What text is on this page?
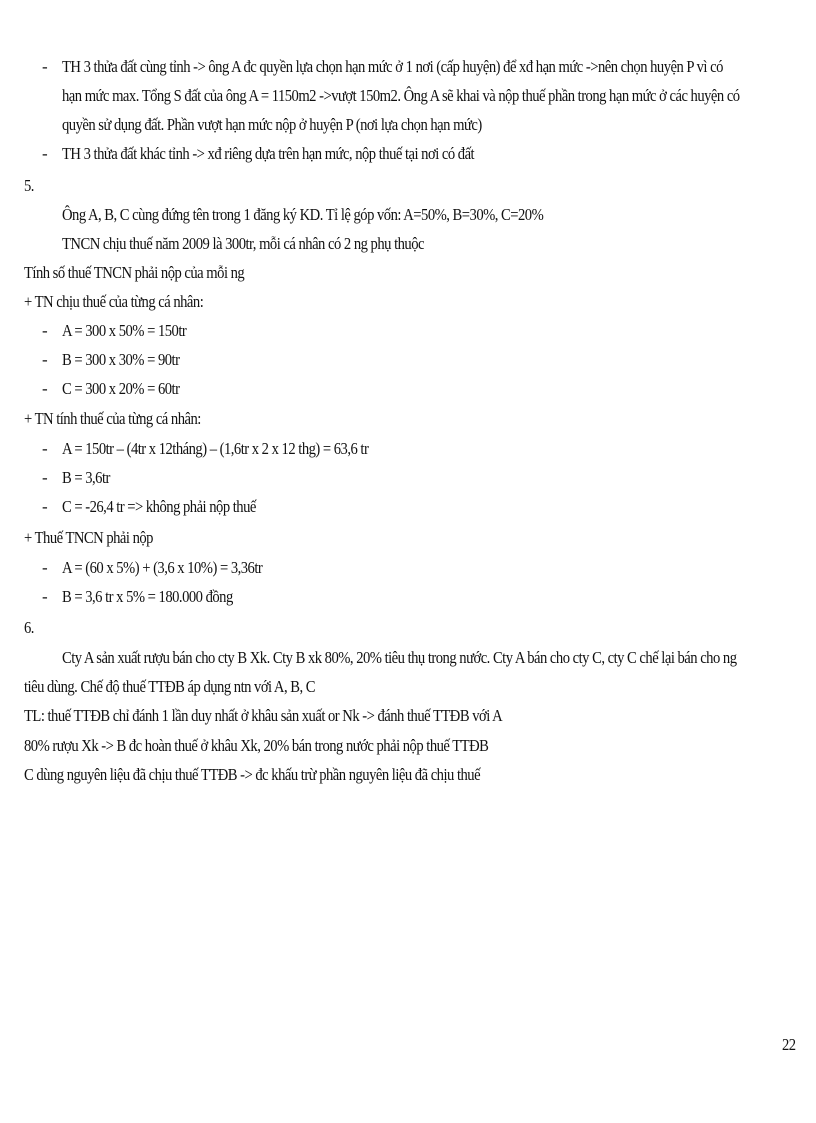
- TH 3 thửa đất cùng tỉnh -> ông A đc quyền lựa chọn hạn mức ở 1 nơi (cấp huyện) để xđ hạn mức ->nên chọn huyện P vì có
hạn mức max. Tổng S đất của ông A = 1150m2 ->vượt 150m2. Ông A sẽ khai và nộp thuế phần trong hạn mức ở các huyện có
quyền sử dụng đất. Phần vượt hạn mức nộp ở huyện P (nơi lựa chọn hạn mức)
- TH 3 thửa đất khác tỉnh -> xđ riêng dựa trên hạn mức, nộp thuế tại nơi có đất
5.
Ông A, B, C cùng đứng tên trong 1 đăng ký KD. Tỉ lệ góp vốn: A=50%, B=30%, C=20%
TNCN chịu thuế năm 2009 là 300tr, mỗi cá nhân có 2 ng phụ thuộc
Tính số thuế TNCN phải nộp của mỗi ng
+ TN chịu thuế của từng cá nhân:
- A = 300 x 50% = 150tr
- B = 300 x 30% = 90tr
- C = 300 x 20% = 60tr
+ TN tính thuế của từng cá nhân:
- A = 150tr – (4tr x 12tháng) – (1,6tr x 2 x 12 thg) = 63,6 tr
- B = 3,6tr
- C = -26,4 tr => không phải nộp thuế
+ Thuế TNCN phải nộp
- A = (60 x 5%) + (3,6 x 10%) = 3,36tr
- B = 3,6 tr x 5% = 180.000 đồng
6.
Cty A sản xuất rượu bán cho cty B Xk. Cty B xk 80%, 20% tiêu thụ trong nước. Cty A bán cho cty C, cty C chế lại bán cho ng
tiêu dùng. Chế độ thuế TTĐB áp dụng ntn với A, B, C
TL: thuế TTĐB chỉ đánh 1 lần duy nhất ở khâu sản xuất or Nk -> đánh thuế TTĐB với A
80% rượu Xk -> B đc hoàn thuế ở khâu Xk, 20% bán trong nước phải nộp thuế TTĐB
C dùng nguyên liệu đã chịu thuế TTĐB -> đc khấu trừ phần nguyên liệu đã chịu thuế
22
